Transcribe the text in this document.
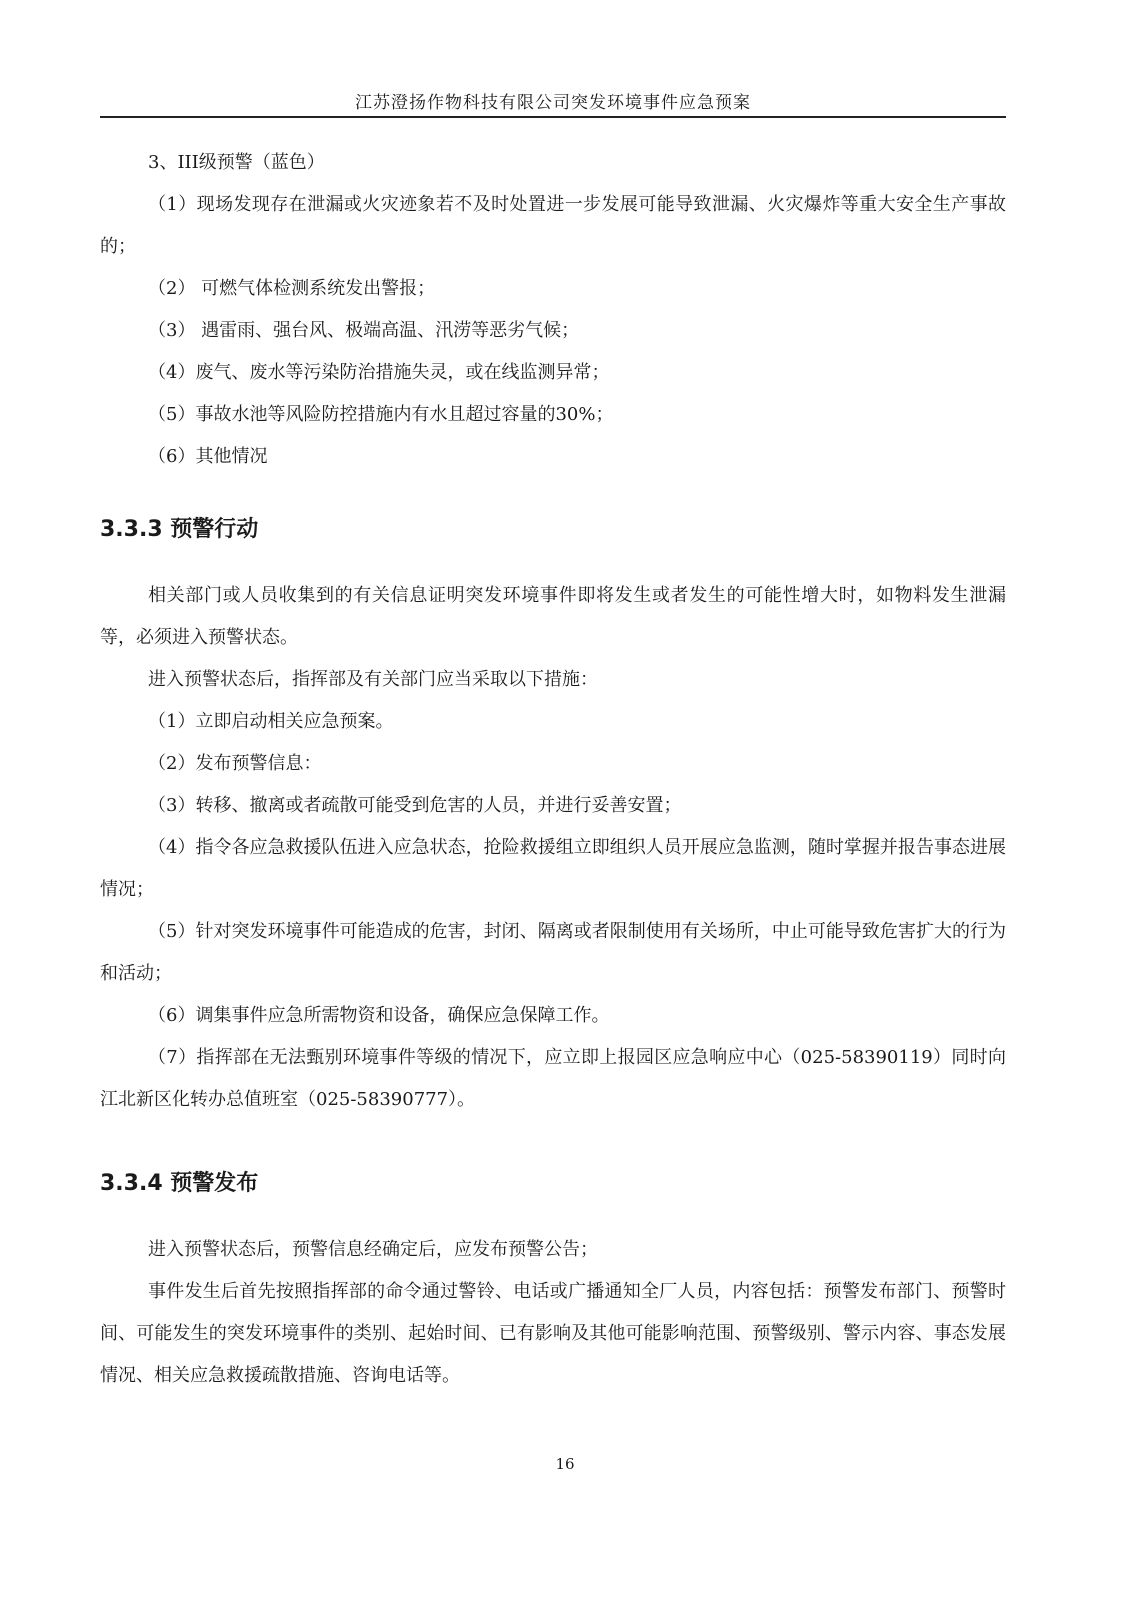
江苏澄扬作物科技有限公司突发环境事件应急预案

3、III级预警（蓝色）

（1）现场发现存在泄漏或火灾迹象若不及时处置进一步发展可能导致泄漏、火灾爆炸等重大安全生产事故的；

（2） 可燃气体检测系统发出警报；

（3） 遇雷雨、强台风、极端高温、汛涝等恶劣气候；

（4）废气、废水等污染防治措施失灵，或在线监测异常；

（5）事故水池等风险防控措施内有水且超过容量的30%；

（6）其他情况

3.3.3 预警行动

相关部门或人员收集到的有关信息证明突发环境事件即将发生或者发生的可能性增大时，如物料发生泄漏等，必须进入预警状态。

进入预警状态后，指挥部及有关部门应当采取以下措施：

（1）立即启动相关应急预案。

（2）发布预警信息：

（3）转移、撤离或者疏散可能受到危害的人员，并进行妥善安置；

（4）指令各应急救援队伍进入应急状态，抢险救援组立即组织人员开展应急监测，随时掌握并报告事态进展情况；

（5）针对突发环境事件可能造成的危害，封闭、隔离或者限制使用有关场所，中止可能导致危害扩大的行为和活动；

（6）调集事件应急所需物资和设备，确保应急保障工作。

（7）指挥部在无法甄别环境事件等级的情况下，应立即上报园区应急响应中心（025-58390119）同时向江北新区化转办总值班室（025-58390777）。

3.3.4 预警发布

进入预警状态后，预警信息经确定后，应发布预警公告；

事件发生后首先按照指挥部的命令通过警铃、电话或广播通知全厂人员，内容包括：预警发布部门、预警时间、可能发生的突发环境事件的类别、起始时间、已有影响及其他可能影响范围、预警级别、警示内容、事态发展情况、相关应急救援疏散措施、咨询电话等。

16
